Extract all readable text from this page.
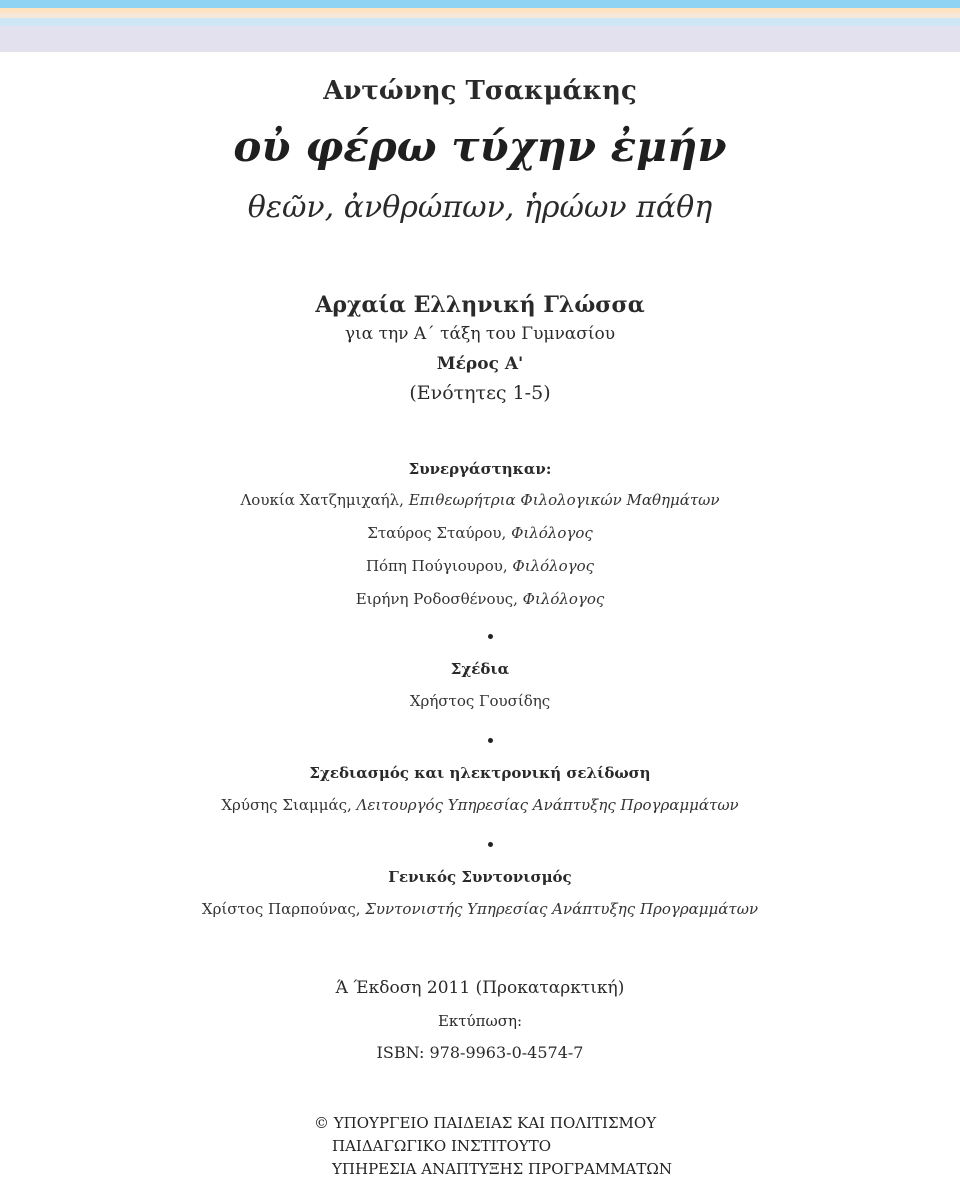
Αντώνης Τσακμάκης
οὐ φέρω τύχην ἐμήν
θεῶν, ἀνθρώπων, ἡρώων πάθη
Αρχαία Ελληνική Γλώσσα
για την Α΄ τάξη του Γυμνασίου
Μέρος Α'
(Ενότητες 1-5)
Συνεργάστηκαν:
Λουκία Χατζημιχαήλ, Επιθεωρήτρια Φιλολογικών Μαθημάτων
Σταύρος Σταύρου, Φιλόλογος
Πόπη Πούγιουρου, Φιλόλογος
Ειρήνη Ροδοσθένους, Φιλόλογος
Σχέδια
Χρήστος Γουσίδης
Σχεδιασμός και ηλεκτρονική σελίδωση
Χρύσης Σιαμμάς, Λειτουργός Υπηρεσίας Ανάπτυξης Προγραμμάτων
Γενικός Συντονισμός
Χρίστος Παρπούνας, Συντονιστής Υπηρεσίας Ανάπτυξης Προγραμμάτων
Ά Έκδοση 2011 (Προκαταρκτική)
Εκτύπωση:
ISBN: 978-9963-0-4574-7
© ΥΠΟΥΡΓΕΙΟ ΠΑΙΔΕΙΑΣ ΚΑΙ ΠΟΛΙΤΙΣΜΟΥ
ΠΑΙΔΑΓΩΓΙΚΟ ΙΝΣΤΙΤΟΥΤΟ
ΥΠΗΡΕΣΙΑ ΑΝΑΠΤΥΞΗΣ ΠΡΟΓΡΑΜΜΑΤΩΝ
